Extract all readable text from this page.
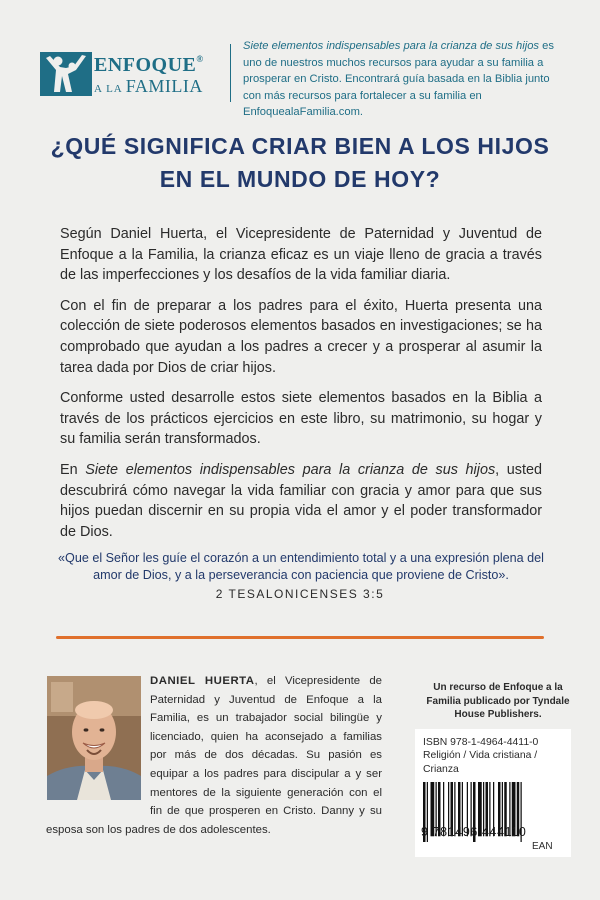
ENFOQUE®
A LA FAMILIA
Siete elementos indispensables para la crianza de sus hijos es uno de nuestros muchos recursos para ayudar a su familia a prosperar en Cristo. Encontrará guía basada en la Biblia junto con más recursos para fortalecer a su familia en EnfoquealaFamilia.com.
¿QUÉ SIGNIFICA CRIAR BIEN A LOS HIJOS
EN EL MUNDO DE HOY?

Según Daniel Huerta, el Vicepresidente de Paternidad y Juventud de Enfoque a la Familia, la crianza eficaz es un viaje lleno de gracia a través de las imperfecciones y los desafíos de la vida familiar diaria.

Con el fin de preparar a los padres para el éxito, Huerta presenta una colección de siete poderosos elementos basados en investigaciones; se ha comprobado que ayudan a los padres a crecer y a prosperar al asumir la tarea dada por Dios de criar hijos.

Conforme usted desarrolle estos siete elementos basados en la Biblia a través de los prácticos ejercicios en este libro, su matrimonio, su hogar y su familia serán transformados.

En Siete elementos indispensables para la crianza de sus hijos, usted descubrirá cómo navegar la vida familiar con gracia y amor para que sus hijos puedan discernir en su propia vida el amor y el poder transformador de Dios.

«Que el Señor les guíe el corazón a un entendimiento total y a una expresión plena del amor de Dios, y a la perseverancia con paciencia que proviene de Cristo».
2 TESALONICENSES 3:5
DANIEL HUERTA, el Vicepresidente de Paternidad y Juventud de Enfoque a la Familia, es un trabajador social bilingüe y licenciado, quien ha aconsejado a familias por más de dos décadas. Su pasión es equipar a los padres para discipular a y ser mentores de la siguiente generación con el fin de que prosperen en Cristo. Danny y su esposa son los padres de dos adolescentes.
Un recurso de Enfoque a la Familia publicado por Tyndale House Publishers.
ISBN 978-1-4964-4411-0
Religión / Vida cristiana /
Crianza
9 781496 444110
EAN
